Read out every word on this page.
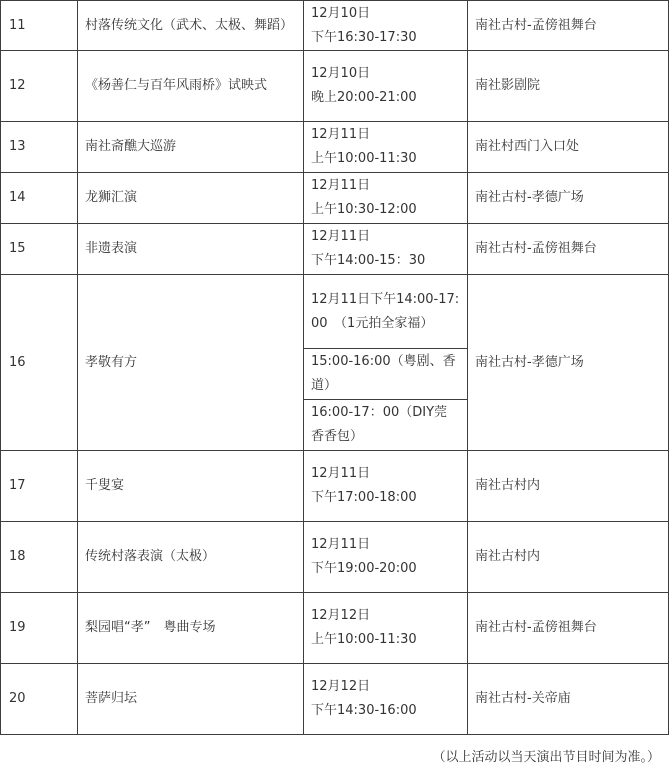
11	村落传统文化（武术、太极、舞蹈）	12月10日
下午16:30-17:30	南社古村-孟傍祖舞台
12	《杨善仁与百年风雨桥》试映式	12月10日
晚上20:00-21:00	南社影剧院
13	南社斋醮大巡游	12月11日
上午10:00-11:30	南社村西门入口处
14	龙狮汇演	12月11日
上午10:30-12:00	南社古村-孝德广场
15	非遗表演	12月11日
下午14:00-15：30	南社古村-孟傍祖舞台
16	孝敬有方	12月11日下午14:00-17:00　（1元拍全家福）	南社古村-孝德广场
		15:00-16:00（粤剧、香道）	
		16:00-17：00（DIY莞香香包）	
17	千叟宴	12月11日
下午17:00-18:00	南社古村内
18	传统村落表演（太极）	12月11日
下午19:00-20:00	南社古村内
19	梨园唱“孝”　粤曲专场	12月12日
上午10:00-11:30	南社古村-孟傍祖舞台
20	菩萨归坛	12月12日
下午14:30-16:00	南社古村-关帝庙
（以上活动以当天演出节目时间为准。）
